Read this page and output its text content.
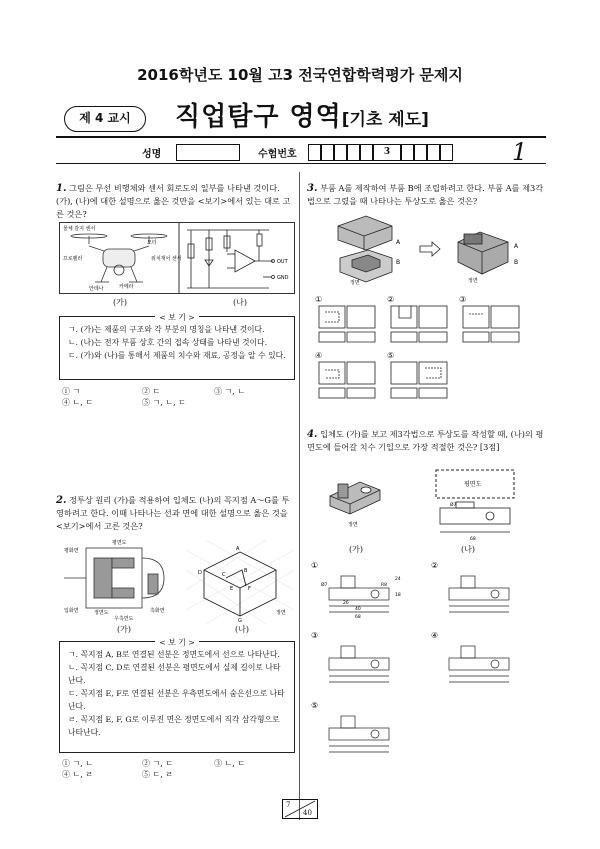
2016학년도 10월 고3 전국연합학력평가 문제지
제 4 교시	직업탐구 영역[기초 제도]
성명	수험번호	3	1
1. 그림은 무선 비행체와 센서 회로도의 일부를 나타낸 것이다. (가), (나)에 대한 설명으로 옳은 것만을 <보기>에서 있는 대로 고른 것은?
물체 감지 센서
모터
프로펠러	위치재어 센서
안테나	카메라
OUT
GND
(가)	(나)
< 보 기 >
ㄱ. (가)는 제품의 구조와 각 부분의 명칭을 나타낸 것이다.
ㄴ. (나)는 전자 부품 상호 간의 접속 상태를 나타낸 것이다.
ㄷ. (가)와 (나)를 통해서 제품의 치수와 재료, 공정을 알 수 있다.
① ㄱ	② ㄷ	③ ㄱ, ㄴ
④ ㄴ, ㄷ	⑤ ㄱ, ㄴ, ㄷ
2. 정투상 원리 (가)를 적용하여 입체도 (나)의 꼭지점 A～G를 투영하려고 한다. 이때 나타나는 선과 면에 대한 설명으로 옳은 것을 <보기>에서 고른 것은?
평면도
평화면
입화면	정면도	측화면
우측면도
A
B
C
D
E	F
G
정면
(가)	(나)
< 보 기 >
ㄱ. 꼭지점 A, B로 연결된 선분은 정면도에서 선으로 나타난다.
ㄴ. 꼭지점 C, D로 연결된 선분은 평면도에서 실제 길이로 나타난다.
ㄷ. 꼭지점 E, F로 연결된 선분은 우측면도에서 숨은선으로 나타난다.
ㄹ. 꼭지점 E, F, G로 이루진 면은 정면도에서 직각 삼각형으로 나타난다.
① ㄱ, ㄴ	② ㄱ, ㄷ	③ ㄴ, ㄷ
④ ㄴ, ㄹ	⑤ ㄷ, ㄹ
3. 부품 A를 제작하여 부품 B에 조립하려고 한다. 부품 A를 제3각법으로 그렸을 때 나타나는 투상도로 옳은 것은?
A
B
정면
A
B
정면
①	②	③
④	⑤
4. 입체도 (가)를 보고 제3각법으로 투상도를 작성할 때, (나)의 평면도에 들어갈 치수 기입으로 가장 적절한 것은? [3점]
평면도
Ø7
68
정면
(가)	(나)
①	②
③	④
⑤
24
18
26
40
68
R8
Ø7
7
40
